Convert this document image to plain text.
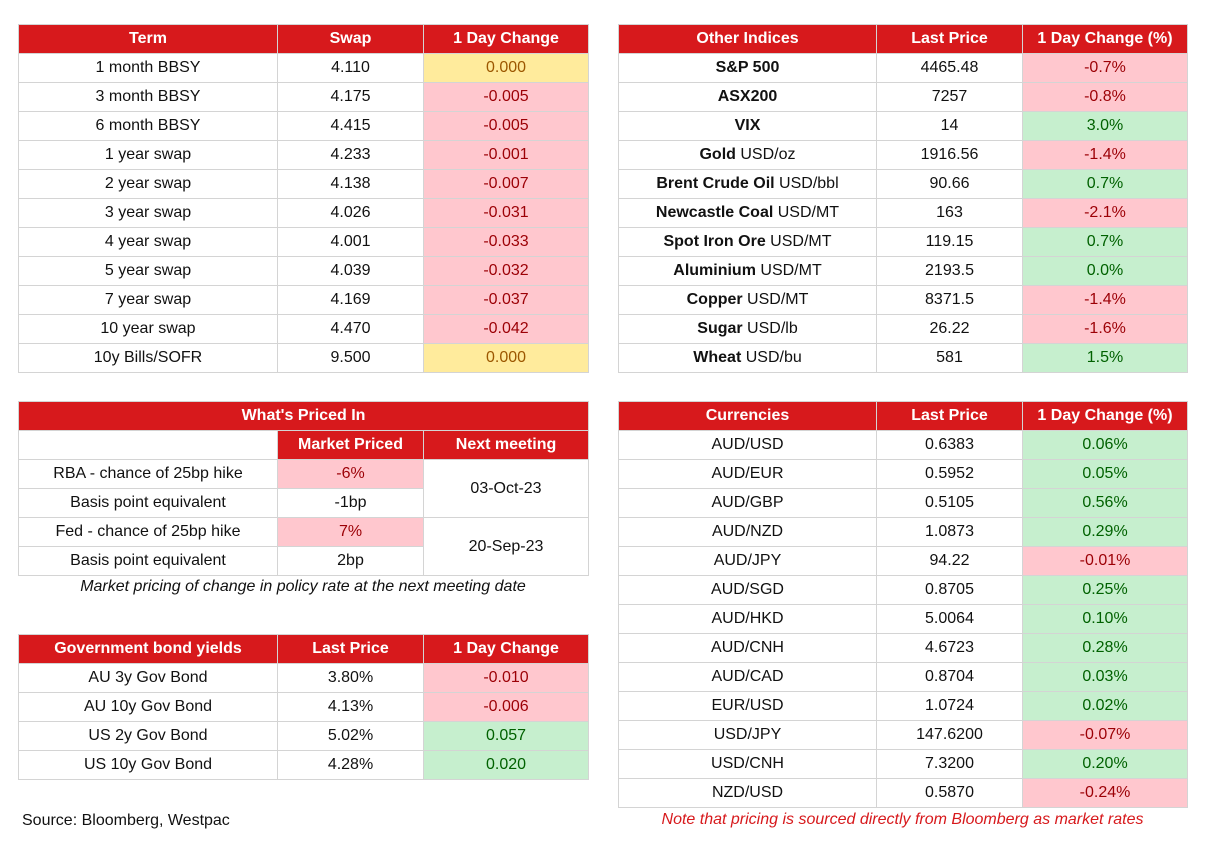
Term	Swap	1 Day Change
1 month BBSY	4.110	0.000
3 month BBSY	4.175	-0.005
6 month BBSY	4.415	-0.005
1 year swap	4.233	-0.001
2 year swap	4.138	-0.007
3 year swap	4.026	-0.031
4 year swap	4.001	-0.033
5 year swap	4.039	-0.032
7 year swap	4.169	-0.037
10 year swap	4.470	-0.042
10y Bills/SOFR	9.500	0.000
Other Indices	Last Price	1 Day Change (%)
S&P 500	4465.48	-0.7%
ASX200	7257	-0.8%
VIX	14	3.0%
Gold USD/oz	1916.56	-1.4%
Brent Crude Oil USD/bbl	90.66	0.7%
Newcastle Coal USD/MT	163	-2.1%
Spot Iron Ore USD/MT	119.15	0.7%
Aluminium USD/MT	2193.5	0.0%
Copper USD/MT	8371.5	-1.4%
Sugar USD/lb	26.22	-1.6%
Wheat USD/bu	581	1.5%
What's Priced In		
	Market Priced	Next meeting
RBA - chance of 25bp hike	-6%	03-Oct-23
Basis point equivalent	-1bp	
Fed - chance of 25bp hike	7%	20-Sep-23
Basis point equivalent	2bp	
Market pricing of change in policy rate at the next meeting date
Government bond yields	Last Price	1 Day Change
AU 3y Gov Bond	3.80%	-0.010
AU 10y Gov Bond	4.13%	-0.006
US 2y Gov Bond	5.02%	0.057
US 10y Gov Bond	4.28%	0.020
Currencies	Last Price	1 Day Change (%)
AUD/USD	0.6383	0.06%
AUD/EUR	0.5952	0.05%
AUD/GBP	0.5105	0.56%
AUD/NZD	1.0873	0.29%
AUD/JPY	94.22	-0.01%
AUD/SGD	0.8705	0.25%
AUD/HKD	5.0064	0.10%
AUD/CNH	4.6723	0.28%
AUD/CAD	0.8704	0.03%
EUR/USD	1.0724	0.02%
USD/JPY	147.6200	-0.07%
USD/CNH	7.3200	0.20%
NZD/USD	0.5870	-0.24%
Source: Bloomberg, Westpac	Note that pricing is sourced directly from Bloomberg as market rates
